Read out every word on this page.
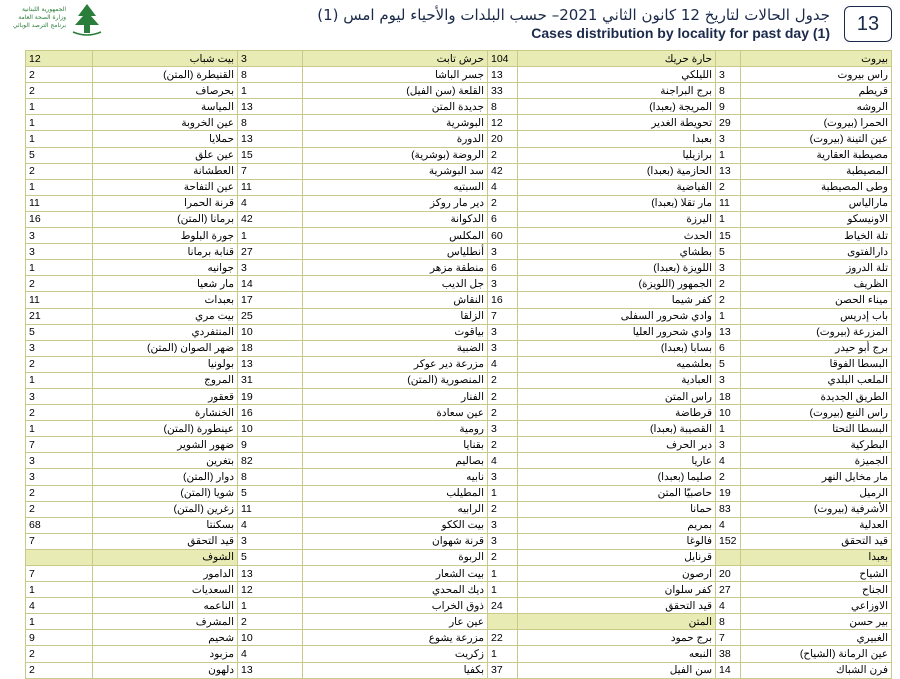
الجمهورية اللبنانية
وزارة الصحة العامة
برنامج الترصد الوبائي
جدول الحالات لتاريخ 12 كانون الثاني 2021– حسب البلدات والأحياء ليوم امس (1)
Cases distribution by locality for past day (1)	13
12	بيت شباب	3	حرش تابت	104	حارة حريك		بيروت
2	القنيطرة (المتن)	8	جسر الباشا	13	الليلكي	3	راس بيروت
2	بحرصاف	1	القلعة (سن الفيل)	33	برج البراجنة	8	قريطم
1	المياسة	13	جديدة المتن	8	المريجة (بعبدا)	9	الروشه
1	عين الخروبة	8	البوشرية	12	تحويطة الغدير	29	الحمرا (بيروت)
1	حملايا	13	الدورة	20	بعبدا	3	عين التينة (بيروت)
5	عين علق	15	الروضة (بوشرية)	2	برازيليا	1	مصيطبة العقارية
2	العطشانة	7	سد البوشرية	42	الحازمية (بعبدا)	13	المصيطبة
1	عين التفاحة	11	السبتيه	4	الفياضية	2	وطى المصيطبة
11	قرنة الحمرا	4	دير مار روكز	2	مار تقلا (بعبدا)	11	مارالياس
16	برمانا (المتن)	42	الدكوانة	6	اليرزة	1	الاونيسكو
3	جورة البلوط	1	المكلس	60	الحدث	15	تلة الخياط
3	قنابة برمانا	27	أنطلياس	3	بطشاي	5	دارالفتوى
1	جوانيه	3	منطقة مزهر	6	اللويزة (بعبدا)	3	تلة الدروز
2	مار شعيا	14	جل الديب	3	الجمهور (اللويزة)	2	الظريف
11	بعبدات	17	النقاش	16	كفر شيما	2	ميناء الحصن
21	بيت مري	25	الزلقا	7	وادي شحرور السفلى	1	باب إدريس
5	المنتفردي	10	بياقوت	3	وادي شحرور العليا	13	المزرعة (بيروت)
3	ضهر الصوان (المتن)	18	الضبية	3	بسابا (بعبدا)	6	برج أبو حيدر
2	بولونيا	13	مزرعة دير عوكر	4	بعلشميه	5	البسطا الفوقا
1	المروج	31	المنصورية (المتن)	2	العبادية	3	الملعب البلدي
3	قعقور	19	الفنار	2	راس المتن	18	الطريق الجديدة
2	الخنشارة	16	عين سعادة	2	قرطاضة	10	راس النبع (بيروت)
1	عينطورة (المتن)	10	رومية	3	القصيبة (بعبدا)	1	البسطا التحتا
7	ضهور الشوير	9	بقنايا	2	دير الحرف	3	البطركية
3	بتغرين	82	بصاليم	4	عاريا	4	الجميزة
3	دوار (المتن)	8	نابيه	3	صليما (بعبدا)	2	مار مخايل النهر
2	شويا (المتن)	5	المطيلب	1	حاصبيّا المتن	19	الرميل
2	زغرين (المتن)	11	الرابيه	2	حمانا	83	الأشرفية (بيروت)
68	بسكنتا	4	بيت الككو	3	بمريم	4	العدلية
7	قيد التحقق	3	قرنة شهوان	3	فالوغا	152	قيد التحقق
	الشوف	5	الربوة	2	قرنايل		بعبدا
7	الدامور	13	بيت الشعار	1	ارصون	20	الشياح
1	السعديات	12	ديك المحدي	1	كفر سلوان	27	الجناح
4	الناعمه	1	ذوق الخراب	24	قيد التحقق	4	الاوزاعي
1	المشرف	2	عين عار		المتن	8	بير حسن
9	شحيم	10	مزرعة يشوع	22	برج حمود	7	الغبيري
2	مزبود	4	زكريت	1	النبعه	38	عين الرمانة (الشياح)
2	دلهون	13	بكفيا	37	سن الفيل	14	فرن الشباك
